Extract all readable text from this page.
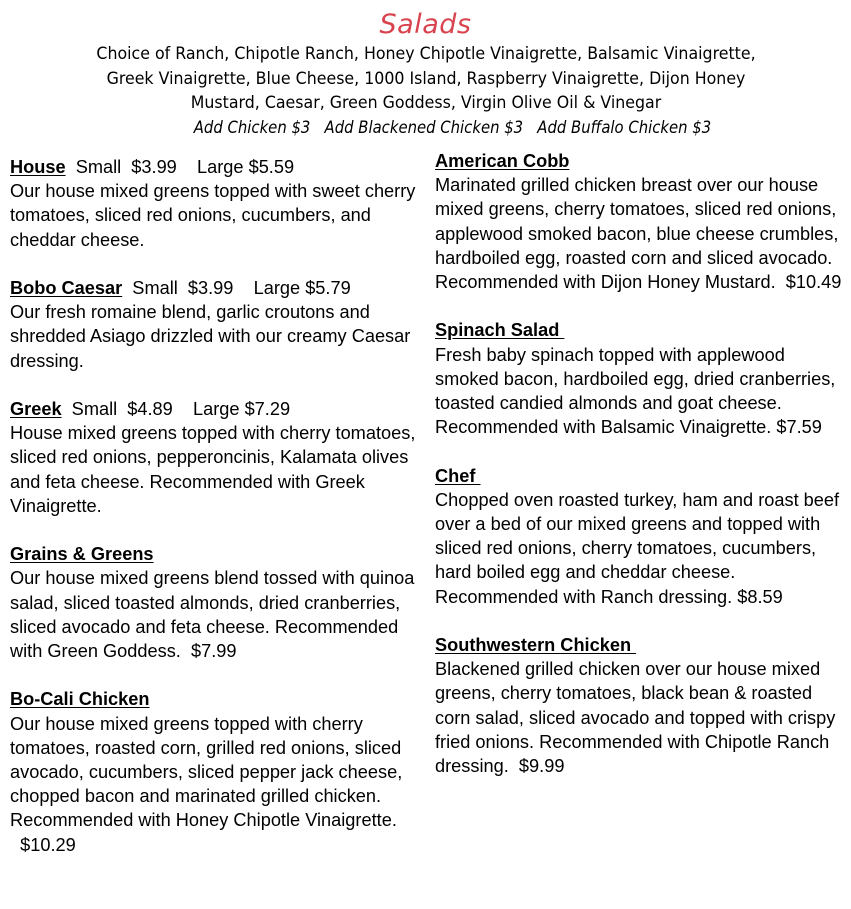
Salads
Choice of Ranch, Chipotle Ranch, Honey Chipotle Vinaigrette, Balsamic Vinaigrette, Greek Vinaigrette, Blue Cheese, 1000 Island, Raspberry Vinaigrette, Dijon Honey Mustard, Caesar, Green Goddess, Virgin Olive Oil & Vinegar
Add Chicken $3 Add Blackened Chicken $3 Add Buffalo Chicken $3
House  Small  $3.99    Large $5.59
Our house mixed greens topped with sweet cherry tomatoes, sliced red onions, cucumbers, and cheddar cheese.
Bobo Caesar  Small  $3.99    Large $5.79
Our fresh romaine blend, garlic croutons and shredded Asiago drizzled with our creamy Caesar dressing.
Greek  Small  $4.89    Large $7.29
House mixed greens topped with cherry tomatoes, sliced red onions, pepperoncinis, Kalamata olives and feta cheese. Recommended with Greek Vinaigrette.
Grains & Greens
Our house mixed greens blend tossed with quinoa salad, sliced toasted almonds, dried cranberries, sliced avocado and feta cheese. Recommended with Green Goddess.  $7.99
Bo-Cali Chicken
Our house mixed greens topped with cherry tomatoes, roasted corn, grilled red onions, sliced avocado, cucumbers, sliced pepper jack cheese, chopped bacon and marinated grilled chicken. Recommended with Honey Chipotle Vinaigrette.  $10.29
American Cobb
Marinated grilled chicken breast over our house mixed greens, cherry tomatoes, sliced red onions, applewood smoked bacon, blue cheese crumbles, hardboiled egg, roasted corn and sliced avocado. Recommended with Dijon Honey Mustard.  $10.49
Spinach Salad
Fresh baby spinach topped with applewood smoked bacon, hardboiled egg, dried cranberries, toasted candied almonds and goat cheese. Recommended with Balsamic Vinaigrette. $7.59
Chef
Chopped oven roasted turkey, ham and roast beef over a bed of our mixed greens and topped with sliced red onions, cherry tomatoes, cucumbers, hard boiled egg and cheddar cheese. Recommended with Ranch dressing. $8.59
Southwestern Chicken
Blackened grilled chicken over our house mixed greens, cherry tomatoes, black bean & roasted corn salad, sliced avocado and topped with crispy fried onions. Recommended with Chipotle Ranch dressing.  $9.99
